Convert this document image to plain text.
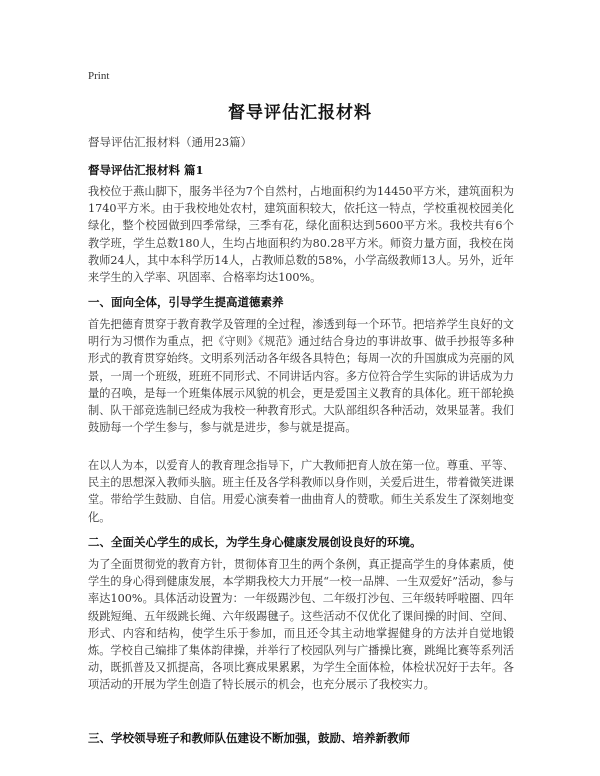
Print
督导评估汇报材料
督导评估汇报材料（通用23篇）
督导评估汇报材料 篇1
我校位于燕山脚下，服务半径为7个自然村，占地面积约为14450平方米，建筑面积为1740平方米。由于我校地处农村，建筑面积较大，依托这一特点，学校重视校园美化绿化，整个校园做到四季常绿，三季有花，绿化面积达到5600平方米。我校共有6个教学班，学生总数180人，生均占地面积约为80.28平方米。师资力量方面，我校在岗教师24人，其中本科学历14人，占教师总数的58%，小学高级教师13人。另外，近年来学生的入学率、巩固率、合格率均达100%。
一、面向全体，引导学生提高道德素养
首先把德育贯穿于教育教学及管理的全过程，渗透到每一个环节。把培养学生良好的文明行为习惯作为重点，把《守则》《规范》通过结合身边的事讲故事、做手抄报等多种形式的教育贯穿始终。文明系列活动各年级各具特色；每周一次的升国旗成为亮丽的风景，一周一个班级，班班不同形式、不同讲话内容。多方位符合学生实际的讲话成为力量的召唤，是每一个班集体展示风貌的机会，更是爱国主义教育的具体化。班干部轮换制、队干部竞选制已经成为我校一种教育形式。大队部组织各种活动，效果显著。我们鼓励每一个学生参与，参与就是进步，参与就是提高。
在以人为本，以爱育人的教育理念指导下，广大教师把育人放在第一位。尊重、平等、民主的思想深入教师头脑。班主任及各学科教师以身作则，关爱后进生，带着微笑进课堂。带给学生鼓励、自信。用爱心演奏着一曲曲育人的赞歌。师生关系发生了深刻地变化。
二、全面关心学生的成长，为学生身心健康发展创设良好的环境。
为了全面贯彻党的教育方针，贯彻体育卫生的两个条例，真正提高学生的身体素质，使学生的身心得到健康发展，本学期我校大力开展“一校一品牌、一生双爱好”活动，参与率达100%。具体活动设置为：一年级踢沙包、二年级打沙包、三年级转呼啦圈、四年级跳短绳、五年级跳长绳、六年级踢毽子。这些活动不仅优化了课间操的时间、空间、形式、内容和结构，使学生乐于参加，而且还令其主动地掌握健身的方法并自觉地锻炼。学校自己编排了集体韵律操，并举行了校园队列与广播操比赛，跳绳比赛等系列活动，既抓普及又抓提高，各项比赛成果累累，为学生全面体检，体检状况好于去年。各项活动的开展为学生创造了特长展示的机会，也充分展示了我校实力。
三、学校领导班子和教师队伍建设不断加强，鼓励、培养新教师
